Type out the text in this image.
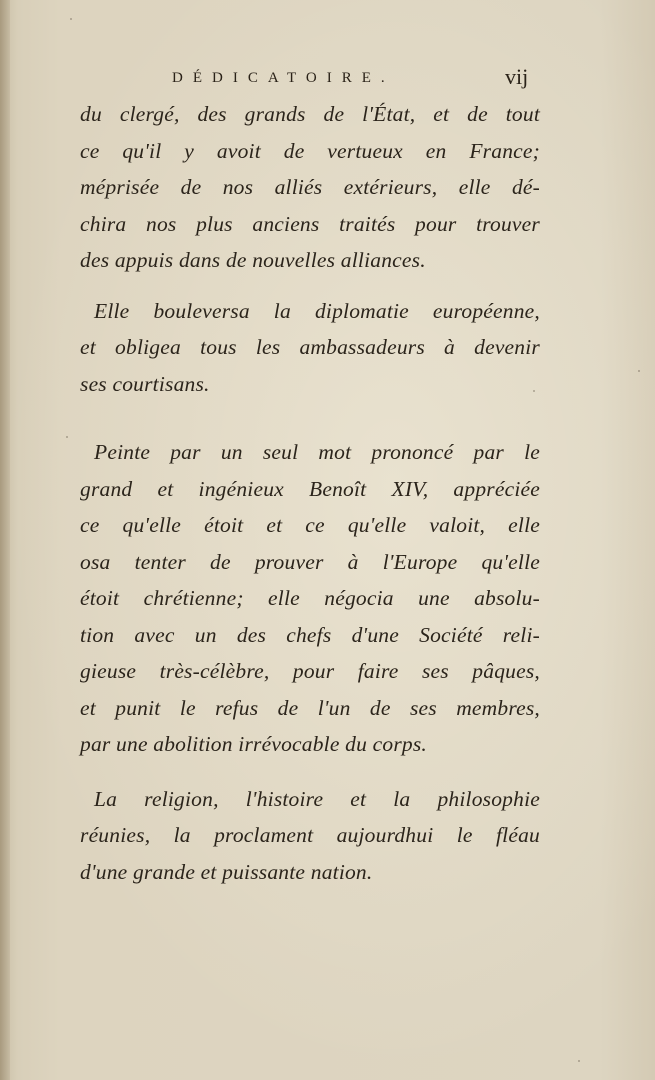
DÉDICATOIRE.	vij
du clergé, des grands de l'État, et de tout
ce qu'il y avoit de vertueux en France;
méprisée de nos alliés extérieurs, elle dé-
chira nos plus anciens traités pour trouver
des appuis dans de nouvelles alliances.
Elle bouleversa la diplomatie européenne,
et obligea tous les ambassadeurs à devenir
ses courtisans.
Peinte par un seul mot prononcé par le
grand et ingénieux Benoît XIV, appréciée
ce qu'elle étoit et ce qu'elle valoit, elle
osa tenter de prouver à l'Europe qu'elle
étoit chrétienne; elle négocia une absolu-
tion avec un des chefs d'une Société reli-
gieuse très-célèbre, pour faire ses pâques,
et punit le refus de l'un de ses membres,
par une abolition irrévocable du corps.
La religion, l'histoire et la philosophie
réunies, la proclament aujourdhui le fléau
d'une grande et puissante nation.
